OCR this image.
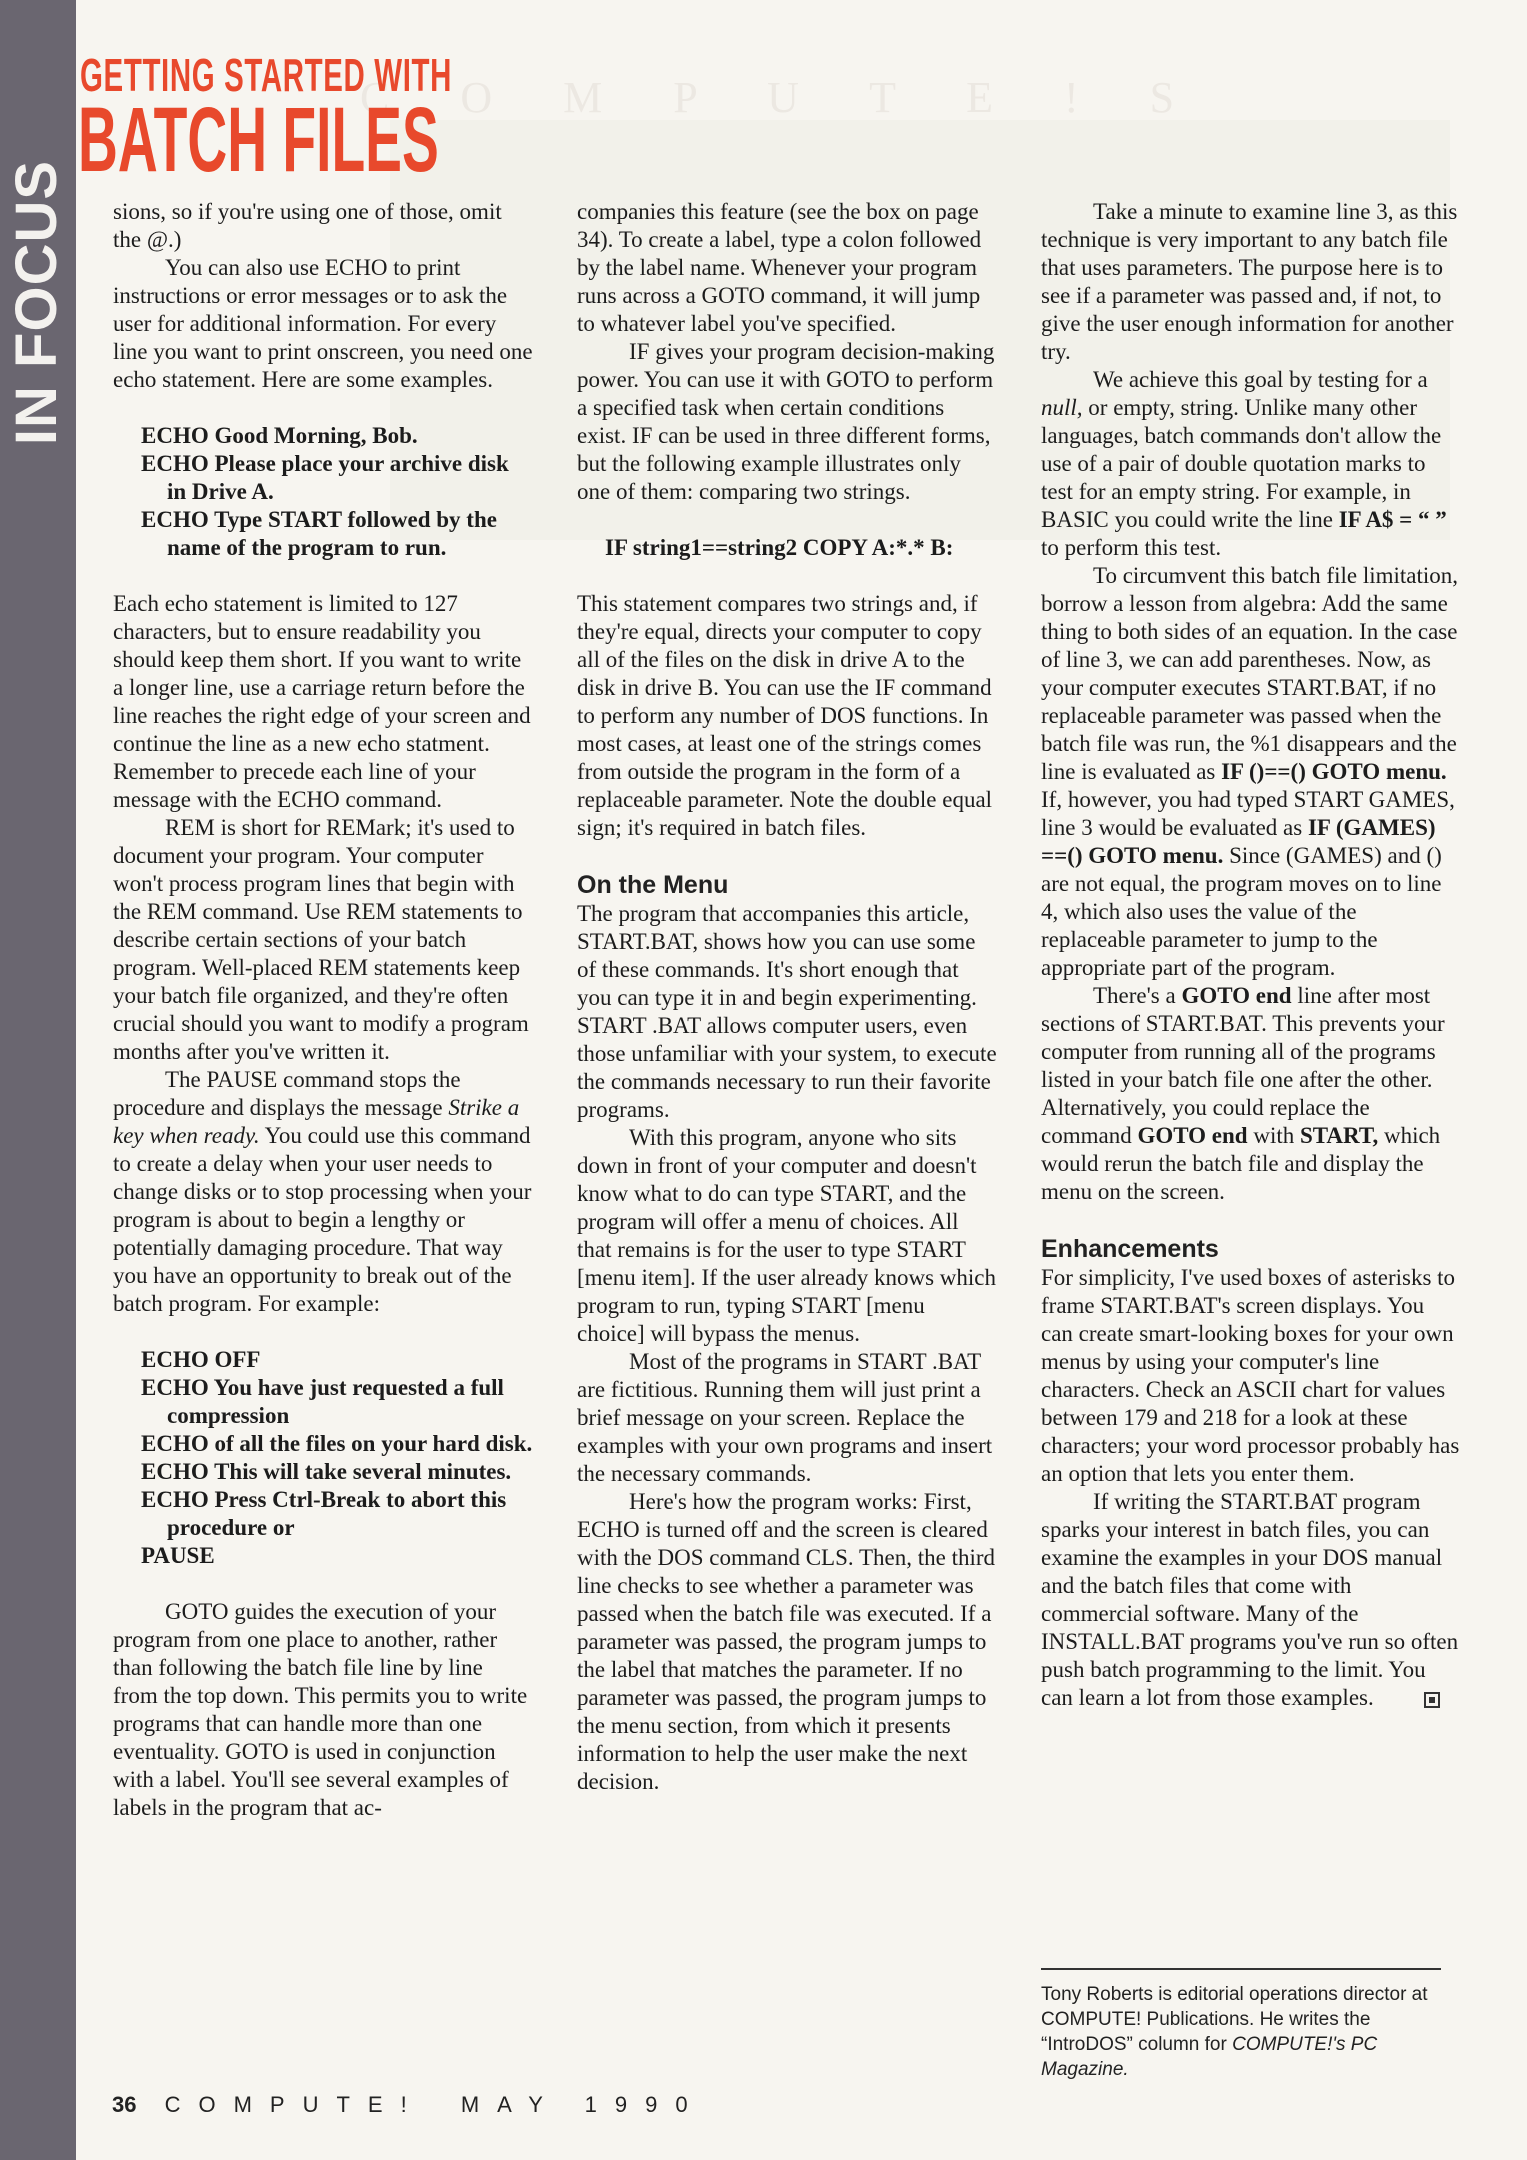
IN FOCUS
C O M P U T E ! S
GETTING STARTED WITH
BATCH FILES

sions, so if you're using one of those, omit the @.)

You can also use ECHO to print instructions or error messages or to ask the user for additional information. For every line you want to print onscreen, you need one echo statement. Here are some examples.

ECHO Good Morning, Bob.
ECHO Please place your archive disk in Drive A.
ECHO Type START followed by the name of the program to run.

Each echo statement is limited to 127 characters, but to ensure readability you should keep them short. If you want to write a longer line, use a carriage return before the line reaches the right edge of your screen and continue the line as a new echo statment. Remember to precede each line of your message with the ECHO command.

REM is short for REMark; it's used to document your program. Your computer won't process program lines that begin with the REM command. Use REM statements to describe certain sections of your batch program. Well-placed REM statements keep your batch file organized, and they're often crucial should you want to modify a program months after you've written it.

The PAUSE command stops the procedure and displays the message Strike a key when ready. You could use this command to create a delay when your user needs to change disks or to stop processing when your program is about to begin a lengthy or potentially damaging procedure. That way you have an opportunity to break out of the batch program. For example:

ECHO OFF
ECHO You have just requested a full compression
ECHO of all the files on your hard disk.
ECHO This will take several minutes.
ECHO Press Ctrl-Break to abort this procedure or
PAUSE

GOTO guides the execution of your program from one place to another, rather than following the batch file line by line from the top down. This permits you to write programs that can handle more than one eventuality. GOTO is used in conjunction with a label. You'll see several examples of labels in the program that ac-

companies this feature (see the box on page 34). To create a label, type a colon followed by the label name. Whenever your program runs across a GOTO command, it will jump to whatever label you've specified.

IF gives your program decision-making power. You can use it with GOTO to perform a specified task when certain conditions exist. IF can be used in three different forms, but the following example illustrates only one of them: comparing two strings.

IF string1==string2 COPY A:*.* B:

This statement compares two strings and, if they're equal, directs your computer to copy all of the files on the disk in drive A to the disk in drive B. You can use the IF command to perform any number of DOS functions. In most cases, at least one of the strings comes from outside the program in the form of a replaceable parameter. Note the double equal sign; it's required in batch files.

On the Menu

The program that accompanies this article, START.BAT, shows how you can use some of these commands. It's short enough that you can type it in and begin experimenting. START .BAT allows computer users, even those unfamiliar with your system, to execute the commands necessary to run their favorite programs.

With this program, anyone who sits down in front of your computer and doesn't know what to do can type START, and the program will offer a menu of choices. All that remains is for the user to type START [menu item]. If the user already knows which program to run, typing START [menu choice] will bypass the menus.

Most of the programs in START .BAT are fictitious. Running them will just print a brief message on your screen. Replace the examples with your own programs and insert the necessary commands.

Here's how the program works: First, ECHO is turned off and the screen is cleared with the DOS command CLS. Then, the third line checks to see whether a parameter was passed when the batch file was executed. If a parameter was passed, the program jumps to the label that matches the parameter. If no parameter was passed, the program jumps to the menu section, from which it presents information to help the user make the next decision.

Take a minute to examine line 3, as this technique is very important to any batch file that uses parameters. The purpose here is to see if a parameter was passed and, if not, to give the user enough information for another try.

We achieve this goal by testing for a null, or empty, string. Unlike many other languages, batch commands don't allow the use of a pair of double quotation marks to test for an empty string. For example, in BASIC you could write the line IF A$ = “ ” to perform this test.

To circumvent this batch file limitation, borrow a lesson from algebra: Add the same thing to both sides of an equation. In the case of line 3, we can add parentheses. Now, as your computer executes START.BAT, if no replaceable parameter was passed when the batch file was run, the %1 disappears and the line is evaluated as IF ()==() GOTO menu. If, however, you had typed START GAMES, line 3 would be evaluated as IF (GAMES) ==() GOTO menu. Since (GAMES) and () are not equal, the program moves on to line 4, which also uses the value of the replaceable parameter to jump to the appropriate part of the program.

There's a GOTO end line after most sections of START.BAT. This prevents your computer from running all of the programs listed in your batch file one after the other. Alternatively, you could replace the command GOTO end with START, which would rerun the batch file and display the menu on the screen.

Enhancements

For simplicity, I've used boxes of asterisks to frame START.BAT's screen displays. You can create smart-looking boxes for your own menus by using your computer's line characters. Check an ASCII chart for values between 179 and 218 for a look at these characters; your word processor probably has an option that lets you enter them.

If writing the START.BAT program sparks your interest in batch files, you can examine the examples in your DOS manual and the batch files that come with commercial software. Many of the INSTALL.BAT programs you've run so often push batch programming to the limit. You can learn a lot from those examples.

Tony Roberts is editorial operations director at COMPUTE! Publications. He writes the “IntroDOS” column for COMPUTE!'s PC Magazine.
36 COMPUTE! MAY 1990
